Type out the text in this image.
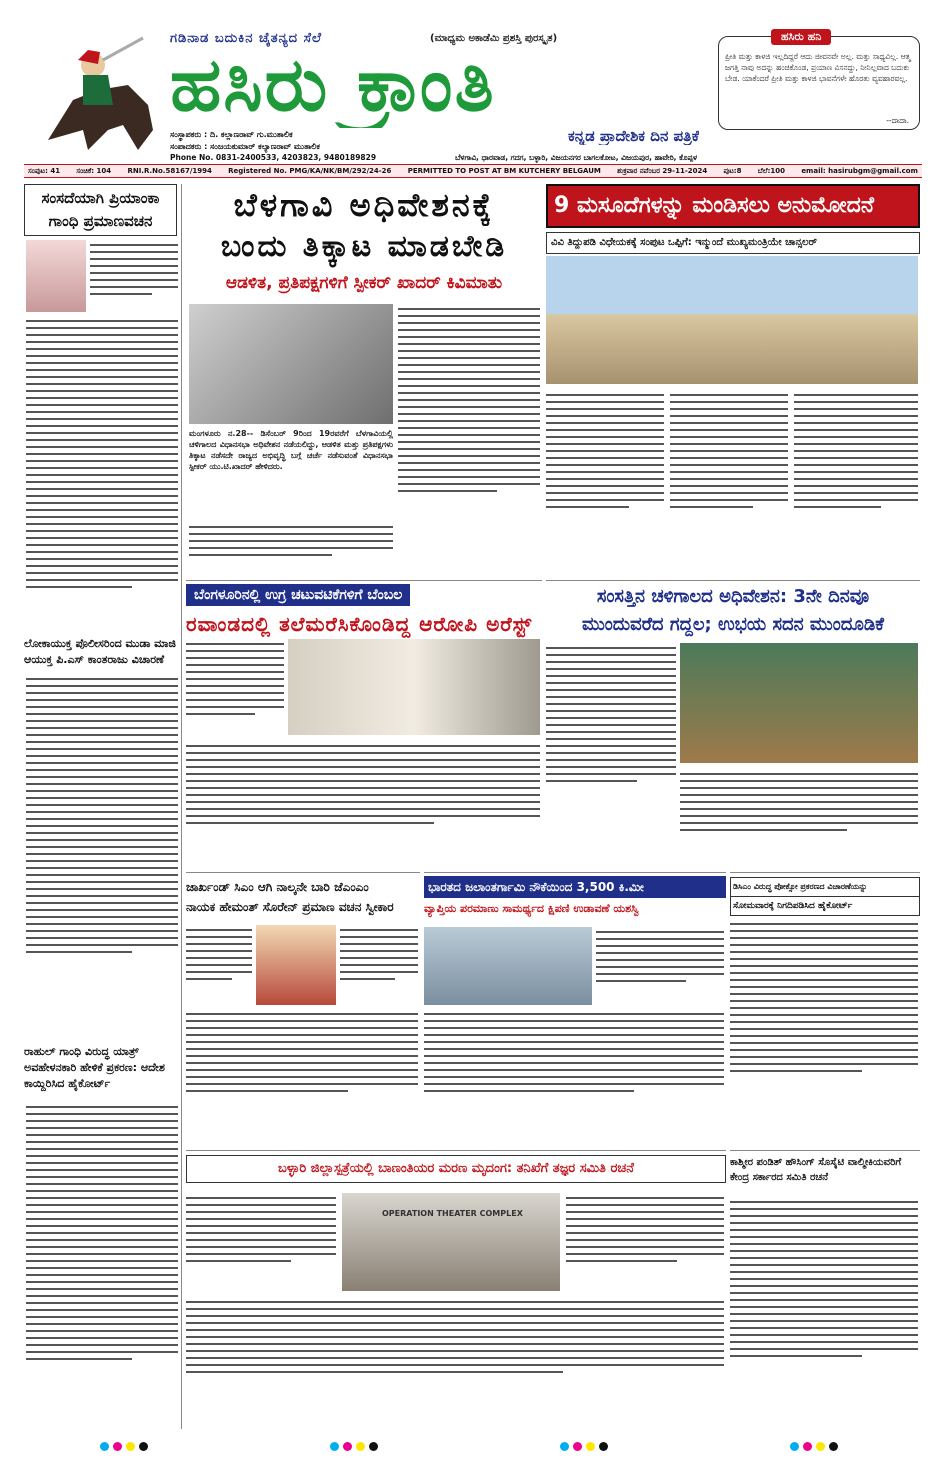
ಗಡಿನಾಡ ಬದುಕಿನ ಚೈತನ್ಯದ ಸೆಲೆ	(ಮಾಧ್ಯಮ ಅಕಾಡೆಮಿ ಪ್ರಶಸ್ತಿ ಪುರಸ್ಕೃತ)
ಹಸಿರು ಕ್ರಾಂತಿ
ಸಂಸ್ಥಾಪಕರು : ದಿ. ಕಲ್ಲಾಣರಾವ್ ಗು.ಮುತಾಲಿಕ
ಸಂಪಾದಕರು : ಸಂಜಯಕುಮಾರ್ ಕಲ್ಯಾಣರಾವ್ ಮುತಾಲಿಕ
Phone No. 0831-2400533, 4203823, 9480189829
ಕನ್ನಡ ಪ್ರಾದೇಶಿಕ ದಿನ ಪತ್ರಿಕೆ
ಬೆಳಗಾವಿ, ಧಾರವಾಡ, ಗದಗ, ಬಳ್ಳಾರಿ, ವಿಜಯನಗರ ಬಾಗಲಕೋಟ, ವಿಜಯಪುರ, ಹಾವೇರಿ, ಕೊಪ್ಪಳ
ಹಸಿರು ಹನಿ
ಪ್ರೀತಿ ಮತ್ತು ಕಾಳಜಿ ಇಲ್ಲದಿದ್ದರೆ ಆದು ಜೀವನವೇ ಅಲ್ಲ. ಮತ್ತು ಸಾಧ್ಯವಿಲ್ಲ. ಆತ್ಮ ಜಗತ್ತಿ ನಾವು ಅದನ್ನು ಹಂಚಿಕೊಂಡ, ಪ್ರಯಾಣ ವಿಸನದ್ದು, ನೀನಿಲ್ಲವಾದ ಬದುಕು ಬೇಡ. ಯಾಕೆಂದರೆ ಪ್ರೀತಿ ಮತ್ತು ಕಾಳಜಿ ಭಾವನೆಗಳೇ ಹೊರತು ವ್ಯವಹಾರವಲ್ಲ.
--ದಾದಾ.
ಸಂಪುಟ: 41 ಸಂಚಿಕೆ: 104 RNI.R.No.58167/1994 Registered No. PMG/KA/NK/BM/292/24-26 PERMITTED TO POST AT BM KUTCHERY BELGAUM ಶುಕ್ರವಾರ ನವೆಂಬರ 29-11-2024 ಪುಟ:8 ಬೆಲೆ:100 email: hasirubgm@gmail.com
ಸಂಸದೆಯಾಗಿ ಪ್ರಿಯಾಂಕಾ ಗಾಂಧಿ ಪ್ರಮಾಣವಚನ
ಲೋಕಾಯುಕ್ತ ಪೊಲೀಸರಿಂದ ಮುಡಾ ಮಾಜಿ ಆಯುಕ್ತ ಪಿ.ಎಸ್ ಕಾಂತರಾಜು ವಿಚಾರಣೆ
ರಾಹುಲ್ ಗಾಂಧಿ ವಿರುದ್ಧ ಯಾತ್ರ್ ಅವಹೇಳನಕಾರಿ ಹೇಳಿಕೆ ಪ್ರಕರಣ: ಆದೇಶ ಕಾಯ್ದಿರಿಸಿದ ಹೈಕೋರ್ಟ್
ಬೆಳಗಾವಿ ಅಧಿವೇಶನಕ್ಕೆ
ಬಂದು ತಿಕ್ಕಾಟ ಮಾಡಬೇಡಿ
ಆಡಳಿತ, ಪ್ರತಿಪಕ್ಷಗಳಿಗೆ ಸ್ಪೀಕರ್ ಖಾದರ್ ಕಿವಿಮಾತು
ಮಂಗಳೂರು ನ.28-- ಡಿಸೆಂಬರ್ 9ರಿಂದ 19ರವರೆಗೆ ಬೆಳಗಾವಿಯಲ್ಲಿ ಚಳಿಗಾಲದ ವಿಧಾನಸಭಾ ಅಧಿವೇಶನ ನಡೆಯಲಿದ್ದು, ಆಡಳಿತ ಮತ್ತು ಪ್ರತಿಪಕ್ಷಗಳು ತಿಕ್ಕಾಟ ನಡೆಸದೇ ರಾಜ್ಯದ ಅಭಿವೃದ್ಧಿ ಬಗ್ಗೆ ಚರ್ಚೆ ನಡೆಸುವಂತೆ ವಿಧಾನಸಭಾ ಸ್ಪೀಕರ್ ಯು.ಟಿ.ಖಾದರ್ ಹೇಳಿದರು.
9 ಮಸೂದೆಗಳನ್ನು ಮಂಡಿಸಲು ಅನುಮೋದನೆ
ವಿವಿ ತಿದ್ದುಪಡಿ ವಿಧೇಯಕಕ್ಕೆ ಸಂಪುಟ ಒಪ್ಪಿಗೆ: ಇನ್ಮುಂದೆ ಮುಖ್ಯಮಂತ್ರಿಯೇ ಚಾನ್ಸಲರ್
ಬೆಂಗಳೂರಿನಲ್ಲಿ ಉಗ್ರ ಚಟುವಟಿಕೆಗಳಿಗೆ ಬೆಂಬಲ
ರವಾಂಡದಲ್ಲಿ ತಲೆಮರೆಸಿಕೊಂಡಿದ್ದ ಆರೋಪಿ ಅರೆಸ್ಟ್
ಸಂಸತ್ತಿನ ಚಳಿಗಾಲದ ಅಧಿವೇಶನ: 3ನೇ ದಿನವೂ
ಮುಂದುವರೆದ ಗದ್ದಲ; ಉಭಯ ಸದನ ಮುಂದೂಡಿಕೆ
ಜಾರ್ಖಂಡ್ ಸಿಎಂ ಆಗಿ ನಾಲ್ಕನೇ ಬಾರಿ ಜೆಎಂಎಂ
ನಾಯಕ ಹೇಮಂತ್ ಸೊರೇನ್ ಪ್ರಮಾಣ ವಚನ ಸ್ವೀಕಾರ
ಭಾರತದ ಜಲಾಂತರ್ಗಾಮಿ ನೌಕೆಯಿಂದ 3,500 ಕಿ.ಮೀ
ವ್ಯಾಪ್ತಿಯ ಪರಮಾಣು ಸಾಮರ್ಥ್ಯದ ಕ್ಷಿಪಣಿ ಉಡಾವಣೆ ಯಶಸ್ವಿ
ಡಿಸಿಎಂ ವಿರುದ್ಧ ಪೋಕ್ಸೋ ಪ್ರಕರಣದ ವಿಚಾರಣೆಯನ್ನು
ಸೋಮವಾರಕ್ಕೆ ನಿಗದಿಪಡಿಸಿದ ಹೈಕೋರ್ಟ್
ಬಳ್ಳಾರಿ ಜಿಲ್ಲಾಸ್ಪತ್ರೆಯಲ್ಲಿ ಬಾಣಂತಿಯರ ಮರಣ ಮೃದಂಗ: ತನಿಖೆಗೆ ತಜ್ಞರ ಸಮಿತಿ ರಚನೆ
OPERATION THEATER COMPLEX
ಕಾಶ್ಮೀರ ಪಂಡಿತ್ ಹೌಸಿಂಗ್ ಸೊಸೈಟಿ ವಾಲ್ಮೀಕಿಯವರಿಗೆ ಕೇಂದ್ರ ಸರ್ಕಾರದ ಸಮಿತಿ ರಚನೆ
